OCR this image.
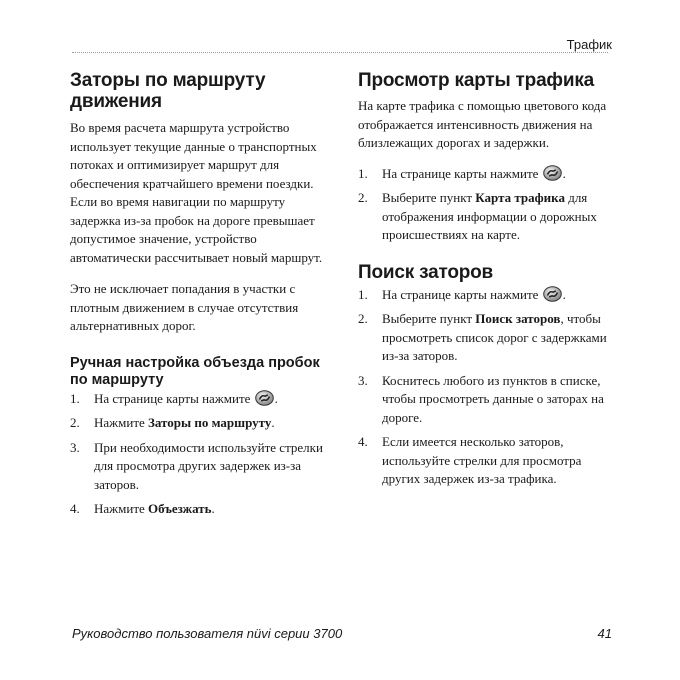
Трафик
Заторы по маршруту движения

Во время расчета маршрута устройство использует текущие данные о транспортных потоках и оптимизирует маршрут для обеспечения кратчайшего времени поездки. Если во время навигации по маршруту задержка из-за пробок на дороге превышает допустимое значение, устройство автоматически рассчитывает новый маршрут.

Это не исключает попадания в участки с плотным движением в случае отсутствия альтернативных дорог.

Ручная настройка объезда пробок по маршруту
1. На странице карты нажмите .
2. Нажмите Заторы по маршруту.
3. При необходимости используйте стрелки для просмотра других задержек из-за заторов.
4. Нажмите Объезжать.
Просмотр карты трафика

На карте трафика с помощью цветового кода отображается интенсивность движения на близлежащих дорогах и задержки.

1. На странице карты нажмите .
2. Выберите пункт Карта трафика для отображения информации о дорожных происшествиях на карте.
Поиск заторов
1. На странице карты нажмите .
2. Выберите пункт Поиск заторов, чтобы просмотреть список дорог с задержками из-за заторов.
3. Коснитесь любого из пунктов в списке, чтобы просмотреть данные о заторах на дороге.
4. Если имеется несколько заторов, используйте стрелки для просмотра других задержек из-за трафика.
Руководство пользователя nüvi серии 3700	41
